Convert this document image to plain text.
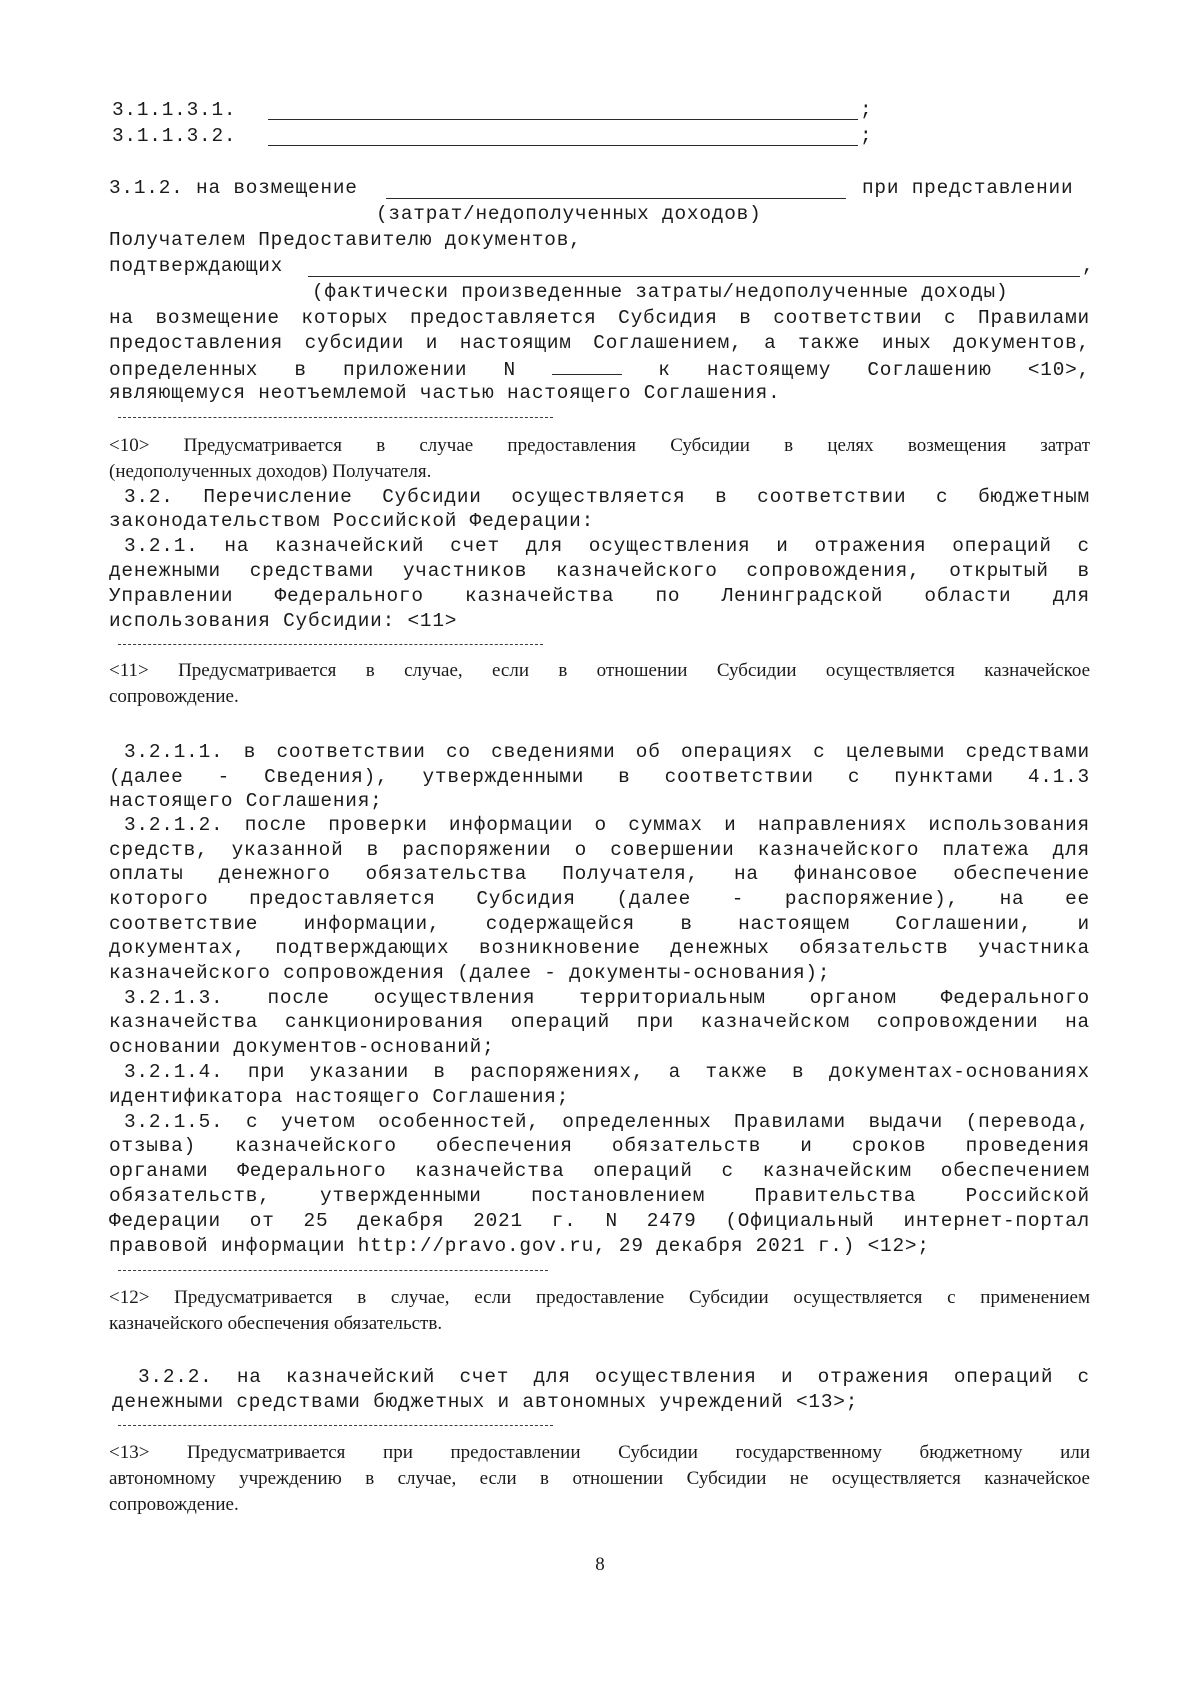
3.1.1.3.1.	;
3.1.1.3.2.	;
3.1.2. на возмещение	при представлении
(затрат/недополученных доходов)
Получателем Предоставителю документов,
подтверждающих	,
(фактически произведенные затраты/недополученные доходы)
на возмещение которых предоставляется Субсидия в соответствии с Правилами
предоставления субсидии и настоящим Соглашением, а также иных документов,
определенных в приложении N	к настоящему Соглашению <10>,
являющемуся неотъемлемой частью настоящего Соглашения.
<10> Предусматривается в случае предоставления Субсидии в целях возмещения затрат
(недополученных доходов) Получателя.
3.2. Перечисление Субсидии осуществляется в соответствии с бюджетным
законодательством Российской Федерации:
3.2.1. на казначейский счет для осуществления и отражения операций с
денежными средствами участников казначейского сопровождения, открытый в
Управлении Федерального казначейства по Ленинградской области для
использования Субсидии: <11>
<11> Предусматривается в случае, если в отношении Субсидии осуществляется казначейское
сопровождение.
3.2.1.1. в соответствии со сведениями об операциях с целевыми средствами
(далее - Сведения), утвержденными в соответствии с пунктами 4.1.3
настоящего Соглашения;
3.2.1.2. после проверки информации о суммах и направлениях использования
средств, указанной в распоряжении о совершении казначейского платежа для
оплаты денежного обязательства Получателя, на финансовое обеспечение
которого предоставляется Субсидия (далее - распоряжение), на ее
соответствие информации, содержащейся в настоящем Соглашении, и
документах, подтверждающих возникновение денежных обязательств участника
казначейского сопровождения (далее - документы-основания);
3.2.1.3. после осуществления территориальным органом Федерального
казначейства санкционирования операций при казначейском сопровождении на
основании документов-оснований;
3.2.1.4. при указании в распоряжениях, а также в документах-основаниях
идентификатора настоящего Соглашения;
3.2.1.5. с учетом особенностей, определенных Правилами выдачи (перевода,
отзыва) казначейского обеспечения обязательств и сроков проведения
органами Федерального казначейства операций с казначейским обеспечением
обязательств, утвержденными постановлением Правительства Российской
Федерации от 25 декабря 2021 г. N 2479 (Официальный интернет-портал
правовой информации http://pravo.gov.ru, 29 декабря 2021 г.) <12>;
<12> Предусматривается в случае, если предоставление Субсидии осуществляется с применением
казначейского обеспечения обязательств.
3.2.2. на казначейский счет для осуществления и отражения операций с
денежными средствами бюджетных и автономных учреждений <13>;
<13> Предусматривается при предоставлении Субсидии государственному бюджетному или
автономному учреждению в случае, если в отношении Субсидии не осуществляется казначейское
сопровождение.
8
